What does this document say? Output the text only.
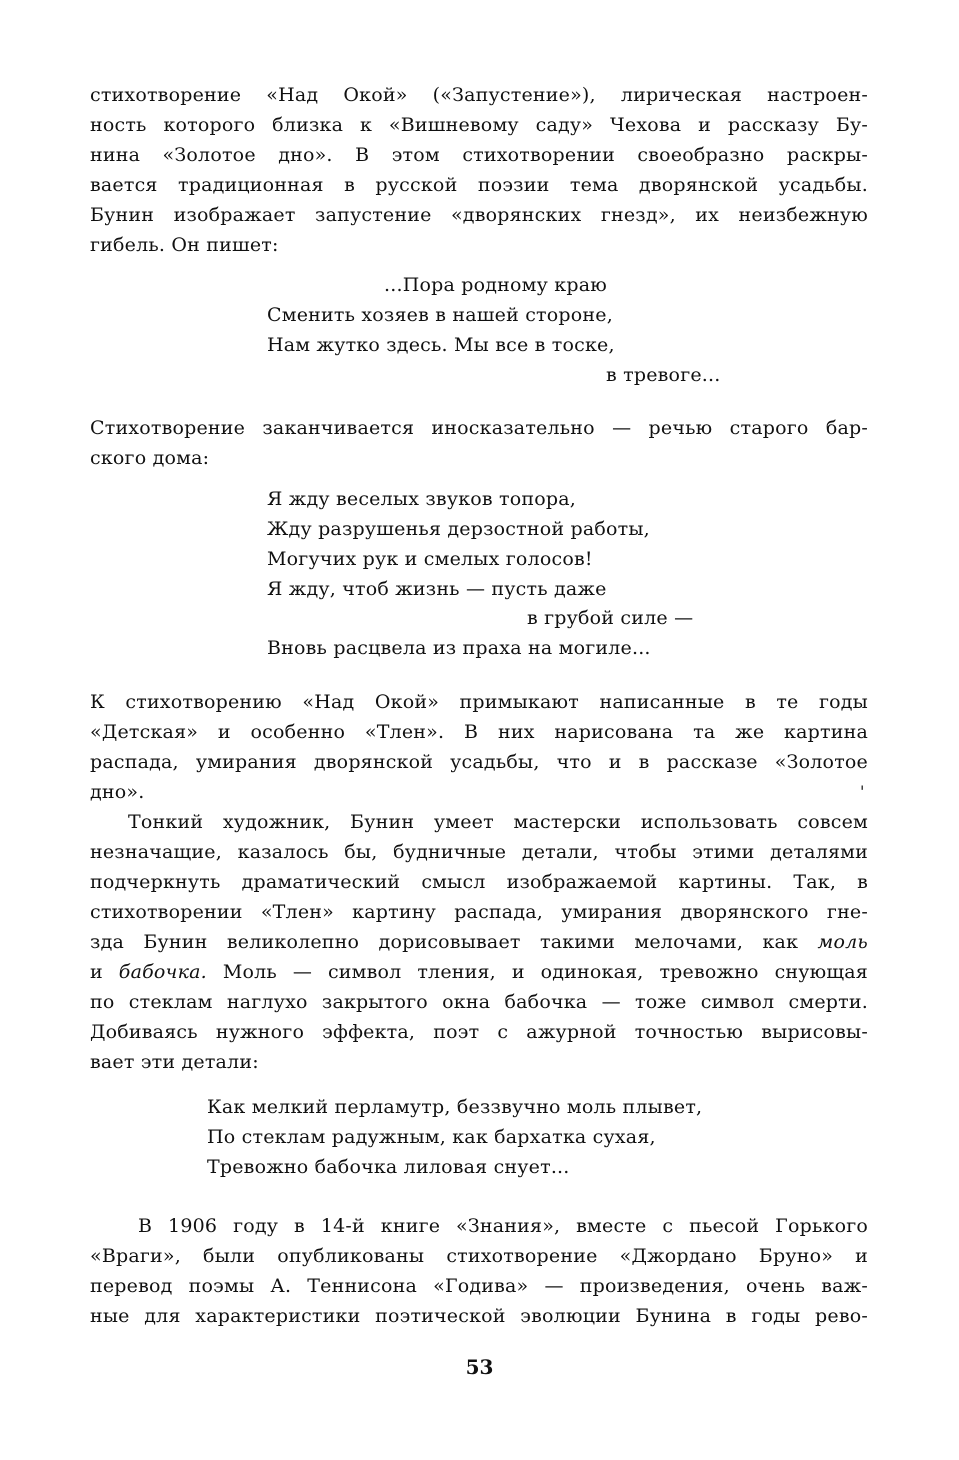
стихотворение «Над Окой» («Запустение»), лирическая настроен-
ность которого близка к «Вишневому саду» Чехова и рассказу Бу-
нина «Золотое дно». В этом стихотворении своеобразно раскры-
вается традиционная в русской поэзии тема дворянской усадьбы.
Бунин изображает запустение «дворянских гнезд», их неизбежную
гибель. Он пишет:
...Пора родному краю
Сменить хозяев в нашей стороне,
Нам жутко здесь. Мы все в тоске,
в тревоге...
Стихотворение заканчивается иносказательно — речью старого бар-
ского дома:
Я жду веселых звуков топора,
Жду разрушенья дерзостной работы,
Могучих рук и смелых голосов!
Я жду, чтоб жизнь — пусть даже
в грубой силе —
Вновь расцвела из праха на могиле...
К стихотворению «Над Окой» примыкают написанные в те годы
«Детская» и особенно «Тлен». В них нарисована та же картина
распада, умирания дворянской усадьбы, что и в рассказе «Золотое
дно».	'
Тонкий художник, Бунин умеет мастерски использовать совсем
незначащие, казалось бы, будничные детали, чтобы этими деталями
подчеркнуть драматический смысл изображаемой картины. Так, в
стихотворении «Тлен» картину распада, умирания дворянского гне-
зда Бунин великолепно дорисовывает такими мелочами, как моль
и бабочка. Моль — символ тления, и одинокая, тревожно снующая
по стеклам наглухо закрытого окна бабочка — тоже символ смерти.
Добиваясь нужного эффекта, поэт с ажурной точностью вырисовы-
вает эти детали:
Как мелкий перламутр, беззвучно моль плывет,
По стеклам радужным, как бархатка сухая,
Тревожно бабочка лиловая снует...
В 1906 году в 14-й книге «Знания», вместе с пьесой Горького
«Враги», были опубликованы стихотворение «Джордано Бруно» и
перевод поэмы А. Теннисона «Годива» — произведения, очень важ-
ные для характеристики поэтической эволюции Бунина в годы рево-
53
